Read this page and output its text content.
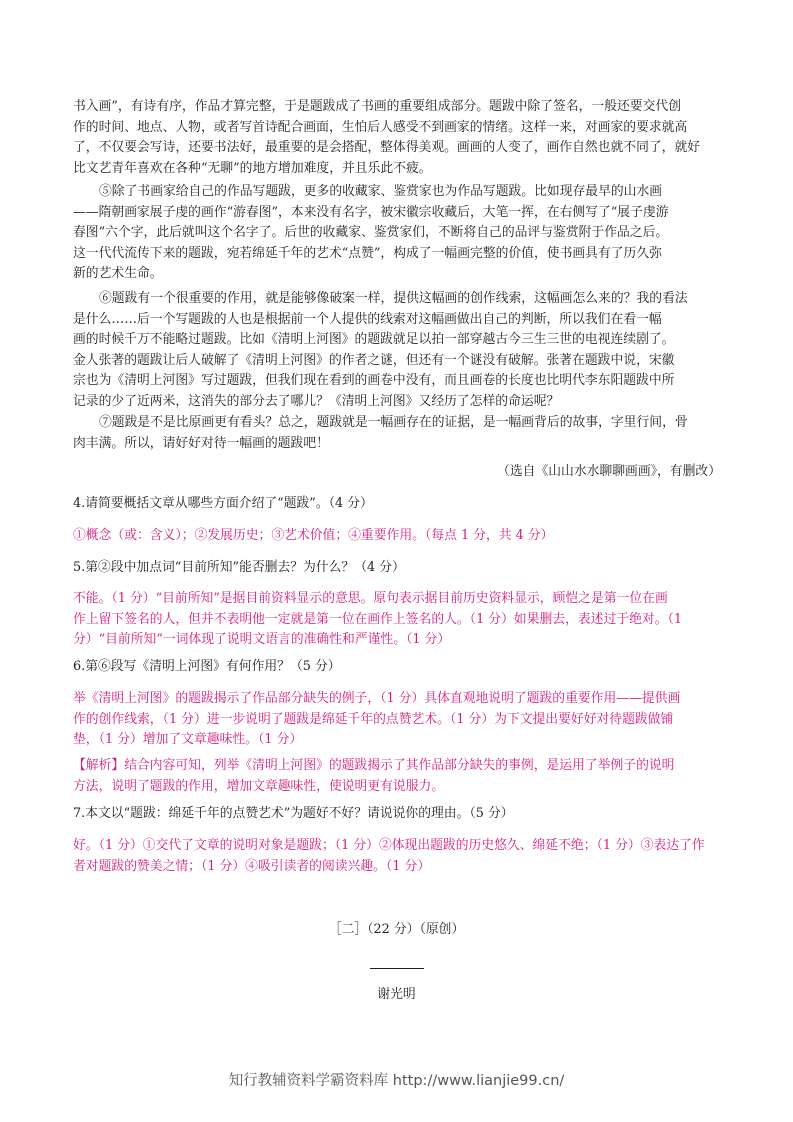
书入画”，有诗有序，作品才算完整，于是题跋成了书画的重要组成部分。题跋中除了签名，一般还要交代创
作的时间、地点、人物，或者写首诗配合画面，生怕后人感受不到画家的情绪。这样一来，对画家的要求就高
了，不仅要会写诗，还要书法好，最重要的是会搭配，整体得美观。画画的人变了，画作自然也就不同了，就好
比文艺青年喜欢在各种“无聊”的地方增加难度，并且乐此不疲。
⑤除了书画家给自己的作品写题跋，更多的收藏家、鉴赏家也为作品写题跋。比如现存最早的山水画
——隋朝画家展子虔的画作“游春图”，本来没有名字，被宋徽宗收藏后，大笔一挥，在右侧写了“展子虔游
春图”六个字，此后就叫这个名字了。后世的收藏家、鉴赏家们，不断将自己的品评与鉴赏附于作品之后。
这一代代流传下来的题跋，宛若绵延千年的艺术“点赞”，构成了一幅画完整的价值，使书画具有了历久弥
新的艺术生命。
⑥题跋有一个很重要的作用，就是能够像破案一样，提供这幅画的创作线索，这幅画怎么来的？我的看法
是什么……后一个写题跋的人也是根据前一个人提供的线索对这幅画做出自己的判断，所以我们在看一幅
画的时候千万不能略过题跋。比如《清明上河图》的题跋就足以拍一部穿越古今三生三世的电视连续剧了。
金人张著的题跋让后人破解了《清明上河图》的作者之谜，但还有一个谜没有破解。张著在题跋中说，宋徽
宗也为《清明上河图》写过题跋，但我们现在看到的画卷中没有，而且画卷的长度也比明代李东阳题跋中所
记录的少了近两米，这消失的部分去了哪儿？《清明上河图》又经历了怎样的命运呢？
⑦题跋是不是比原画更有看头？总之，题跋就是一幅画存在的证据，是一幅画背后的故事，字里行间，骨
肉丰满。所以，请好好对待一幅画的题跋吧！
（选自《山山水水聊聊画画》，有删改）
4.请简要概括文章从哪些方面介绍了“题跋”。（4 分）
①概念（或：含义）；②发展历史；③艺术价值；④重要作用。（每点 1 分，共 4 分）
5.第②段中加点词“目前所知”能否删去？为什么？（4 分）
不能。（1 分）“目前所知”是据目前资料显示的意思。原句表示据目前历史资料显示，顾恺之是第一位在画
作上留下签名的人，但并不表明他一定就是第一位在画作上签名的人。（1 分）如果删去，表述过于绝对。（1
分）“目前所知”一词体现了说明文语言的准确性和严谨性。（1 分）
6.第⑥段写《清明上河图》有何作用？（5 分）
举《清明上河图》的题跋揭示了作品部分缺失的例子，（1 分）具体直观地说明了题跋的重要作用——提供画
作的创作线索，（1 分）进一步说明了题跋是绵延千年的点赞艺术。（1 分）为下文提出要好好对待题跋做铺
垫，（1 分）增加了文章趣味性。（1 分）
【解析】结合内容可知，列举《清明上河图》的题跋揭示了其作品部分缺失的事例，是运用了举例子的说明
方法，说明了题跋的作用，增加文章趣味性，使说明更有说服力。
7.本文以“题跋：绵延千年的点赞艺术”为题好不好？请说说你的理由。（5 分）
好。（1 分）①交代了文章的说明对象是题跋；（1 分）②体现出题跋的历史悠久、绵延不绝；（1 分）③表达了作
者对题跋的赞美之情；（1 分）④吸引读者的阅读兴趣。（1 分）
［二］（22 分）（原创）
谢光明
知行教辅资料学霸资料库 http://www.lianjie99.cn/
